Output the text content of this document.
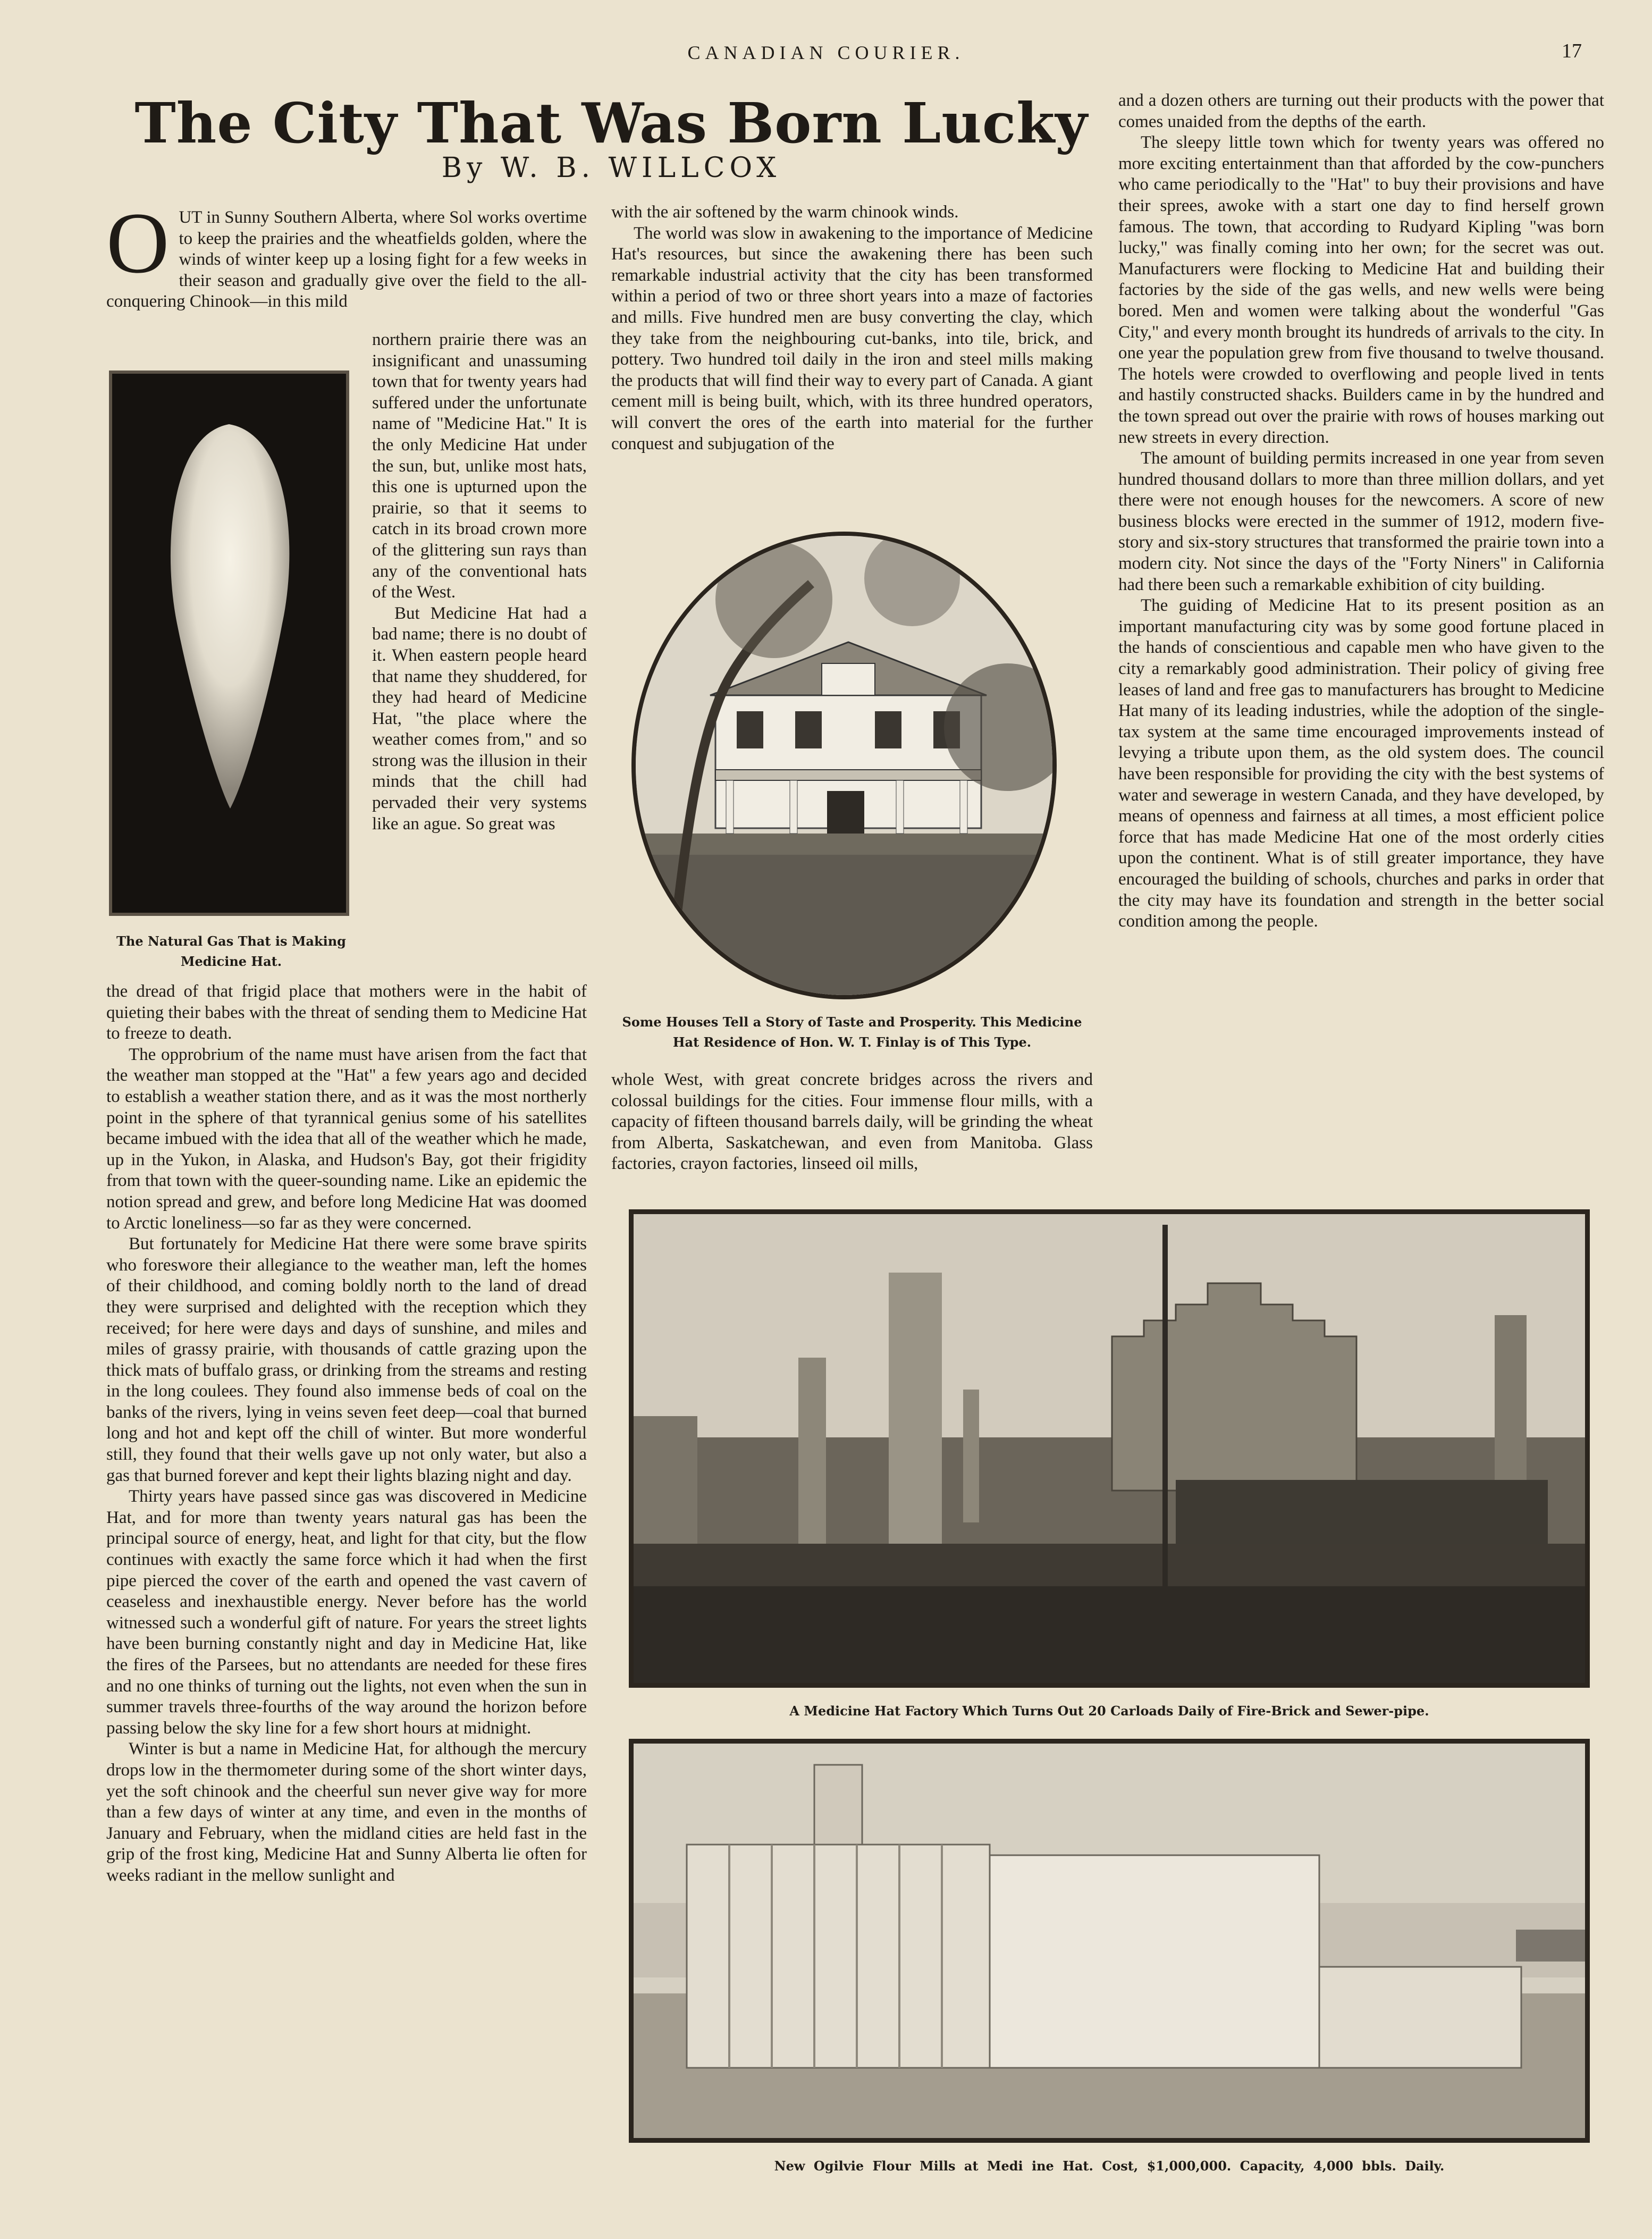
CANADIAN COURIER.	17
The City That Was Born Lucky
By W. B. WILLCOX

OUT in Sunny Southern Alberta, where Sol works overtime to keep the prairies and the wheatfields golden, where the winds of winter keep up a losing fight for a few weeks in their season and gradually give over the field to the all-conquering Chinook—in this mild

northern prairie there was an insignificant and unassuming town that for twenty years had suffered under the unfortunate name of "Medicine Hat." It is the only Medicine Hat under the sun, but, unlike most hats, this one is upturned upon the prairie, so that it seems to catch in its broad crown more of the glittering sun rays than any of the conventional hats of the West.

But Medicine Hat had a bad name; there is no doubt of it. When eastern people heard that name they shuddered, for they had heard of Medicine Hat, "the place where the weather comes from," and so strong was the illusion in their minds that the chill had pervaded their very systems like an ague. So great was

The Natural Gas That is Making Medicine Hat.

the dread of that frigid place that mothers were in the habit of quieting their babes with the threat of sending them to Medicine Hat to freeze to death.

The opprobrium of the name must have arisen from the fact that the weather man stopped at the "Hat" a few years ago and decided to establish a weather station there, and as it was the most northerly point in the sphere of that tyrannical genius some of his satellites became imbued with the idea that all of the weather which he made, up in the Yukon, in Alaska, and Hudson's Bay, got their frigidity from that town with the queer-sounding name. Like an epidemic the notion spread and grew, and before long Medicine Hat was doomed to Arctic loneliness—so far as they were concerned.

But fortunately for Medicine Hat there were some brave spirits who foreswore their allegiance to the weather man, left the homes of their childhood, and coming boldly north to the land of dread they were surprised and delighted with the reception which they received; for here were days and days of sunshine, and miles and miles of grassy prairie, with thousands of cattle grazing upon the thick mats of buffalo grass, or drinking from the streams and resting in the long coulees. They found also immense beds of coal on the banks of the rivers, lying in veins seven feet deep—coal that burned long and hot and kept off the chill of winter. But more wonderful still, they found that their wells gave up not only water, but also a gas that burned forever and kept their lights blazing night and day.

Thirty years have passed since gas was discovered in Medicine Hat, and for more than twenty years natural gas has been the principal source of energy, heat, and light for that city, but the flow continues with exactly the same force which it had when the first pipe pierced the cover of the earth and opened the vast cavern of ceaseless and inexhaustible energy. Never before has the world witnessed such a wonderful gift of nature. For years the street lights have been burning constantly night and day in Medicine Hat, like the fires of the Parsees, but no attendants are needed for these fires and no one thinks of turning out the lights, not even when the sun in summer travels three-fourths of the way around the horizon before passing below the sky line for a few short hours at midnight.

Winter is but a name in Medicine Hat, for although the mercury drops low in the thermometer during some of the short winter days, yet the soft chinook and the cheerful sun never give way for more than a few days of winter at any time, and even in the months of January and February, when the midland cities are held fast in the grip of the frost king, Medicine Hat and Sunny Alberta lie often for weeks radiant in the mellow sunlight and

with the air softened by the warm chinook winds.

The world was slow in awakening to the importance of Medicine Hat's resources, but since the awakening there has been such remarkable industrial activity that the city has been transformed within a period of two or three short years into a maze of factories and mills. Five hundred men are busy converting the clay, which they take from the neighbouring cut-banks, into tile, brick, and pottery. Two hundred toil daily in the iron and steel mills making the products that will find their way to every part of Canada. A giant cement mill is being built, which, with its three hundred operators, will convert the ores of the earth into material for the further conquest and subjugation of the

Some Houses Tell a Story of Taste and Prosperity. This Medicine Hat Residence of Hon. W. T. Finlay is of This Type.

whole West, with great concrete bridges across the rivers and colossal buildings for the cities. Four immense flour mills, with a capacity of fifteen thousand barrels daily, will be grinding the wheat from Alberta, Saskatchewan, and even from Manitoba. Glass factories, crayon factories, linseed oil mills,

and a dozen others are turning out their products with the power that comes unaided from the depths of the earth.

The sleepy little town which for twenty years was offered no more exciting entertainment than that afforded by the cow-punchers who came periodically to the "Hat" to buy their provisions and have their sprees, awoke with a start one day to find herself grown famous. The town, that according to Rudyard Kipling "was born lucky," was finally coming into her own; for the secret was out. Manufacturers were flocking to Medicine Hat and building their factories by the side of the gas wells, and new wells were being bored. Men and women were talking about the wonderful "Gas City," and every month brought its hundreds of arrivals to the city. In one year the population grew from five thousand to twelve thousand. The hotels were crowded to overflowing and people lived in tents and hastily constructed shacks. Builders came in by the hundred and the town spread out over the prairie with rows of houses marking out new streets in every direction.

The amount of building permits increased in one year from seven hundred thousand dollars to more than three million dollars, and yet there were not enough houses for the newcomers. A score of new business blocks were erected in the summer of 1912, modern five-story and six-story structures that transformed the prairie town into a modern city. Not since the days of the "Forty Niners" in California had there been such a remarkable exhibition of city building.

The guiding of Medicine Hat to its present position as an important manufacturing city was by some good fortune placed in the hands of conscientious and capable men who have given to the city a remarkably good administration. Their policy of giving free leases of land and free gas to manufacturers has brought to Medicine Hat many of its leading industries, while the adoption of the single-tax system at the same time encouraged improvements instead of levying a tribute upon them, as the old system does. The council have been responsible for providing the city with the best systems of water and sewerage in western Canada, and they have developed, by means of openness and fairness at all times, a most efficient police force that has made Medicine Hat one of the most orderly cities upon the continent. What is of still greater importance, they have encouraged the building of schools, churches and parks in order that the city may have its foundation and strength in the better social condition among the people.

A Medicine Hat Factory Which Turns Out 20 Carloads Daily of Fire-Brick and Sewer-pipe.
New Ogilvie Flour Mills at Medi ine Hat. Cost, $1,000,000. Capacity, 4,000 bbls. Daily.
